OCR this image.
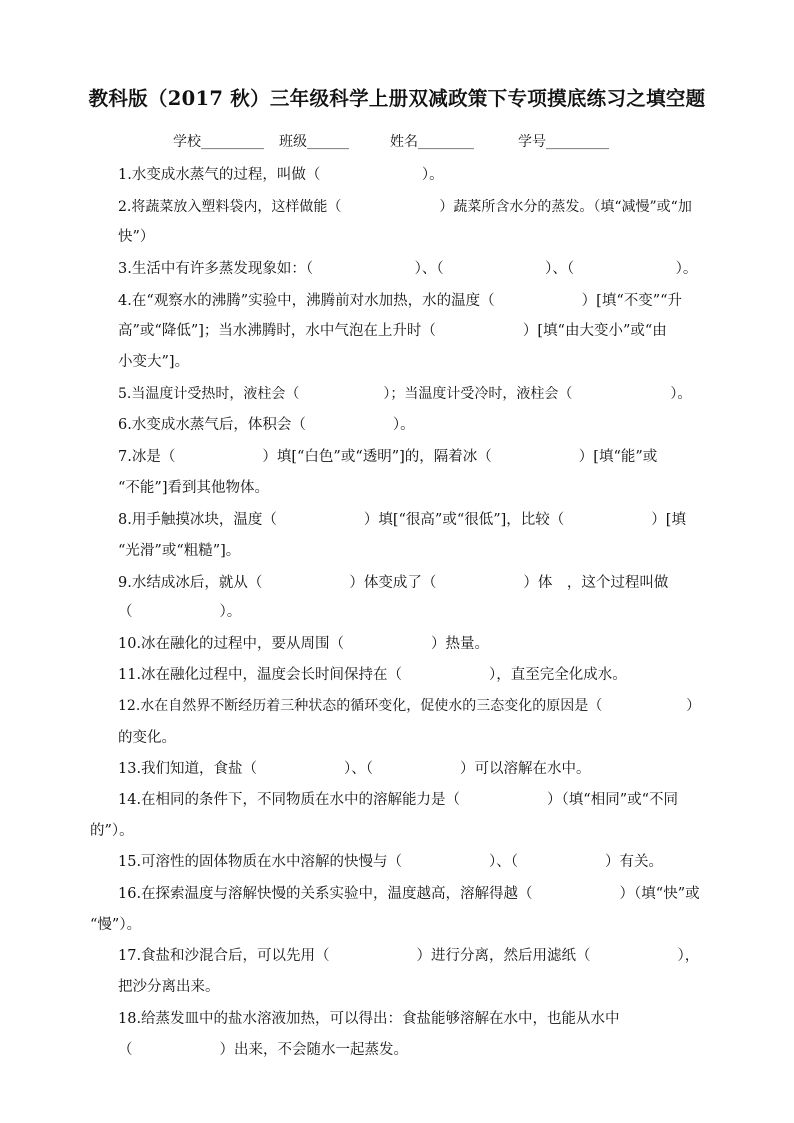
教科版（2017 秋）三年级科学上册双减政策下专项摸底练习之填空题
学校_________ 班级______	姓名________	学号_________
1.水变成水蒸气的过程，叫做（　　　　　　　）。
2.将蔬菜放入塑料袋内，这样做能（　　　　　　　）蔬菜所含水分的蒸发。（填“减慢”或“加
快”）
3.生活中有许多蒸发现象如：（　　　　　　　）、（　　　　　　　）、（　　　　　　　）。
4.在“观察水的沸腾”实验中，沸腾前对水加热，水的温度（　　　　　　）[填“不变”“升
高”或“降低”]；当水沸腾时，水中气泡在上升时（　　　　　　）[填“由大变小”或“由
小变大”]。
5.当温度计受热时，液柱会（　　　　　　）；当温度计受冷时，液柱会（　　　　　　　）。
6.水变成水蒸气后，体积会（　　　　　　）。
7.冰是（　　　　　　）填[“白色”或“透明”]的，隔着冰（　　　　　　）[填“能”或
“不能”]看到其他物体。
8.用手触摸冰块，温度（　　　　　　）填[“很高”或“很低”]，比较（　　　　　　）[填
“光滑”或“粗糙”]。
9.水结成冰后，就从（　　　　　　）体变成了（　　　　　　）体　，这个过程叫做
（　　　　　　）。
10.冰在融化的过程中，要从周围（　　　　　　）热量。
11.冰在融化过程中，温度会长时间保持在（　　　　　　），直至完全化成水。
12.水在自然界不断经历着三种状态的循环变化，促使水的三态变化的原因是（　　　　　　）
的变化。
13.我们知道，食盐（　　　　　　）、（　　　　　　）可以溶解在水中。
14.在相同的条件下，不同物质在水中的溶解能力是（　　　　　　）（填“相同”或“不同
的”）。
15.可溶性的固体物质在水中溶解的快慢与（　　　　　　）、（　　　　　　）有关。
16.在探索温度与溶解快慢的关系实验中，温度越高，溶解得越（　　　　　　）（填“快”或
“慢”）。
17.食盐和沙混合后，可以先用（　　　　　　）进行分离，然后用滤纸（　　　　　　），
把沙分离出来。
18.给蒸发皿中的盐水溶液加热，可以得出：食盐能够溶解在水中，也能从水中
（　　　　　　）出来，不会随水一起蒸发。
